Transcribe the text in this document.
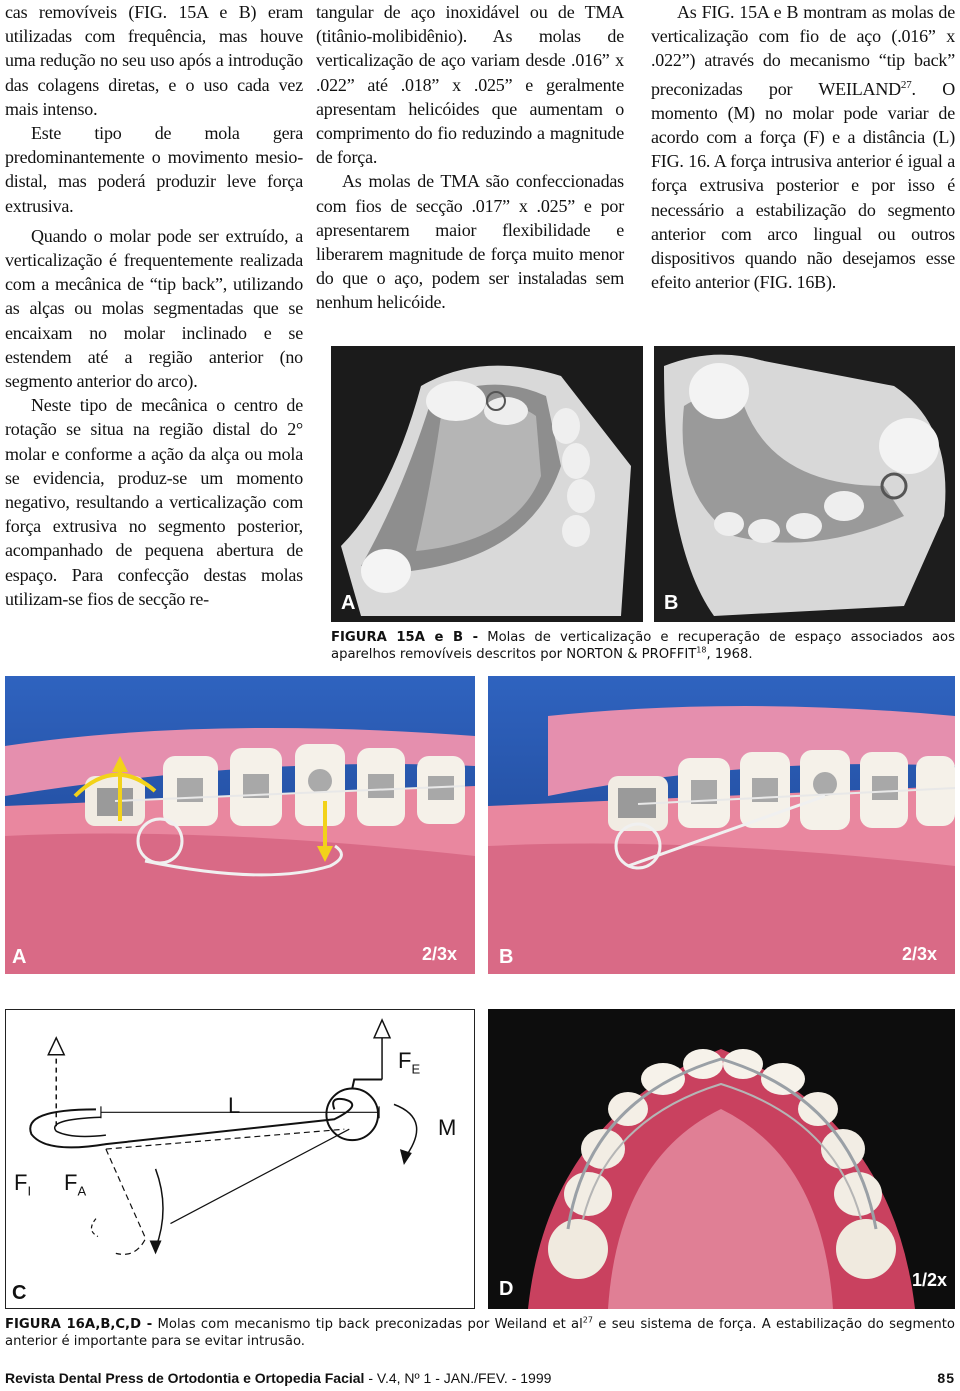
cas removíveis (FIG. 15A e B) eram utilizadas com frequência, mas houve uma redução no seu uso após a introdução das colagens diretas, e o uso cada vez mais intenso.

Este tipo de mola gera predominantemente o movimento mesio-distal, mas poderá produzir leve força extrusiva.

Quando o molar pode ser extruído, a verticalização é frequentemente realizada com a mecânica de “tip back”, utilizando as alças ou molas segmentadas que se encaixam no molar inclinado e se estendem até a região anterior (no segmento anterior do arco).

Neste tipo de mecânica o centro de rotação se situa na região distal do 2° molar e conforme a ação da alça ou mola se evidencia, produz-se um momento negativo, resultando a verticalização com força extrusiva no segmento posterior, acompanhado de pequena abertura de espaço. Para confecção destas molas utilizam-se fios de secção re-

tangular de aço inoxidável ou de TMA (titânio-molibidênio). As molas de verticalização de aço variam desde .016” x .022” até .018” x .025” e geralmente apresentam helicóides que aumentam o comprimento do fio reduzindo a magnitude de força.

As molas de TMA são confeccionadas com fios de secção .017” x .025” e por apresentarem maior flexibilidade e liberarem magnitude de força muito menor do que o aço, podem ser instaladas sem nenhum helicóide.

As FIG. 15A e B montram as molas de verticalização com fio de aço (.016” x .022”) através do mecanismo “tip back” preconizadas por WEILAND$^{27}$. O momento (M) no molar pode variar de acordo com a força (F) e a distância (L) FIG. 16. A força intrusiva anterior é igual a força extrusiva posterior e por isso é necessário a estabilização do segmento anterior com arco lingual ou outros dispositivos quando não desejamos esse efeito anterior (FIG. 16B).

A	B
FIGURA 15A e B - Molas de verticalização e recuperação de espaço associados aos aparelhos removíveis descritos por NORTON & PROFFIT$^{18}$, 1968.
A	2/3x B	2/3x
$F_E$
L
M
$F_I$ $F_A$
C	D	1/2x
FIGURA 16A,B,C,D - Molas com mecanismo tip back preconizadas por Weiland et $al^{27}$ e seu sistema de força. A estabilização do segmento anterior é importante para se evitar intrusão.
Revista Dental Press de Ortodontia e Ortopedia Facial - V.4, Nº 1 - JAN./FEV. - 1999	85
